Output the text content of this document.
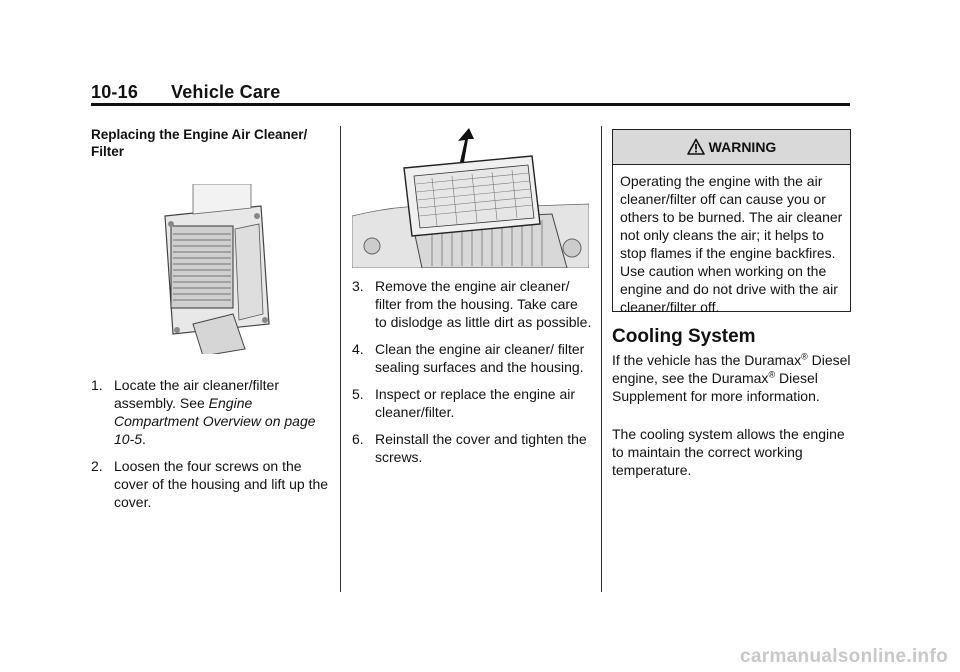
10-16 Vehicle Care

Replacing the Engine Air Cleaner/ Filter

1. Locate the air cleaner/filter assembly. See Engine Compartment Overview on page 10-5.

2. Loosen the four screws on the cover of the housing and lift up the cover.

3. Remove the engine air cleaner/ filter from the housing. Take care to dislodge as little dirt as possible.

4. Clean the engine air cleaner/ filter sealing surfaces and the housing.

5. Inspect or replace the engine air cleaner/filter.

6. Reinstall the cover and tighten the screws.

WARNING
Operating the engine with the air cleaner/filter off can cause you or others to be burned. The air cleaner not only cleans the air; it helps to stop flames if the engine backfires. Use caution when working on the engine and do not drive with the air cleaner/filter off.
Cooling System

If the vehicle has the Duramax® Diesel engine, see the Duramax® Diesel Supplement for more information.

The cooling system allows the engine to maintain the correct working temperature.

carmanualsonline.info
